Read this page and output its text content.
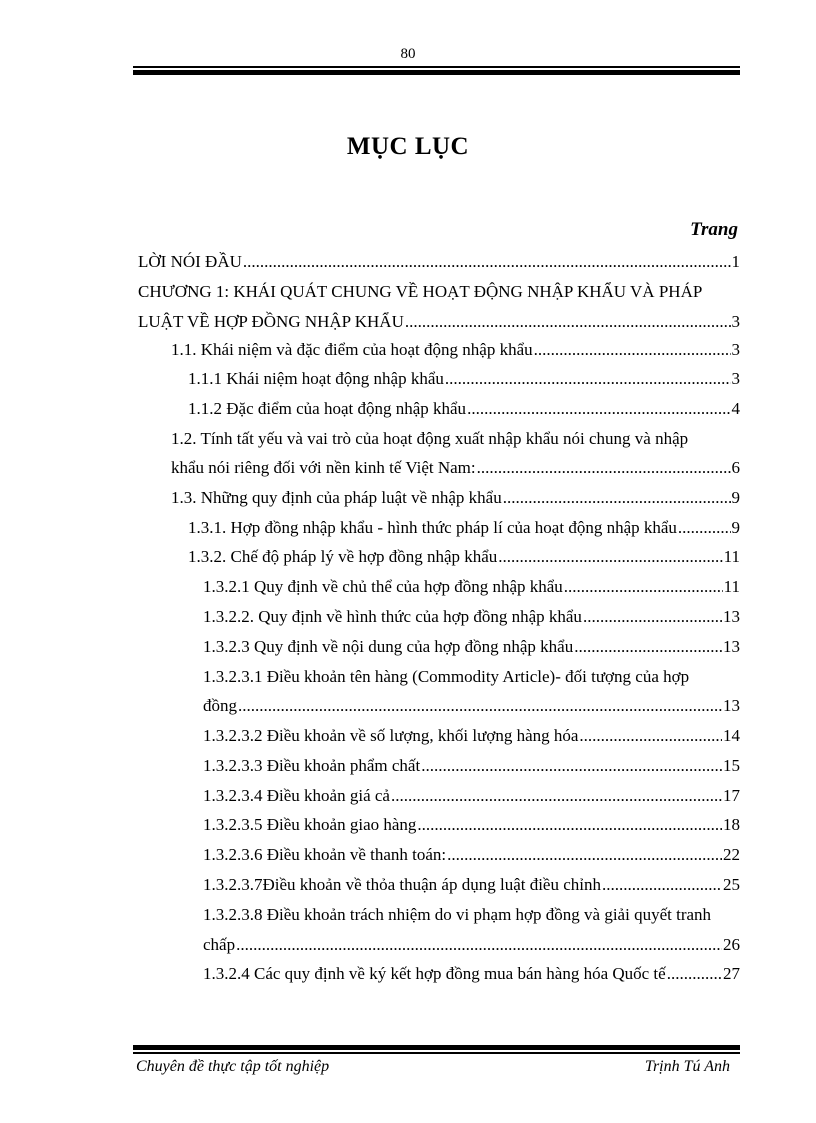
80
MỤC LỤC
Trang
LỜI NÓI ĐẦU .....	1
CHƯƠNG 1: KHÁI QUÁT CHUNG VỀ HOẠT ĐỘNG NHẬP KHẨU VÀ PHÁP
LUẬT VỀ HỢP ĐỒNG NHẬP KHẨU .....	3
1.1. Khái niệm và đặc điểm của hoạt động nhập khẩu .....	3
1.1.1 Khái niệm hoạt động nhập khẩu .....	3
1.1.2 Đặc điểm của hoạt động nhập khẩu .....	4
1.2. Tính tất yếu và vai trò của hoạt động xuất nhập khẩu nói chung và nhập
khẩu nói riêng đối với nền kinh tế Việt Nam: .....	6
1.3. Những quy định của pháp luật về nhập khẩu .....	9
1.3.1. Hợp đồng nhập khẩu - hình thức pháp lí của hoạt động nhập khẩu .....	9
1.3.2. Chế độ pháp lý về hợp đồng nhập khẩu .....	11
1.3.2.1 Quy định về chủ thể của hợp đồng nhập khẩu .....	11
1.3.2.2. Quy định về hình thức của hợp đồng nhập khẩu .....	13
1.3.2.3 Quy định về nội dung của hợp đồng nhập khẩu .....	13
1.3.2.3.1 Điều khoản tên hàng (Commodity Article)- đối tượng của hợp
đồng .....	13
1.3.2.3.2 Điều khoản về số lượng, khối lượng hàng hóa .....	14
1.3.2.3.3 Điều khoản phẩm chất .....	15
1.3.2.3.4 Điều khoản giá cả .....	17
1.3.2.3.5 Điều khoản giao hàng .....	18
1.3.2.3.6 Điều khoản về thanh toán: .....	22
1.3.2.3.7Điều khoản về thỏa thuận áp dụng luật điều chỉnh .....	25
1.3.2.3.8 Điều khoản trách nhiệm do vi phạm hợp đồng và giải quyết tranh
chấp .....	26
1.3.2.4 Các quy định về ký kết hợp đồng mua bán hàng hóa Quốc tế .....	27
Chuyên đề thực tập tốt nghiệp	Trịnh Tú Anh
